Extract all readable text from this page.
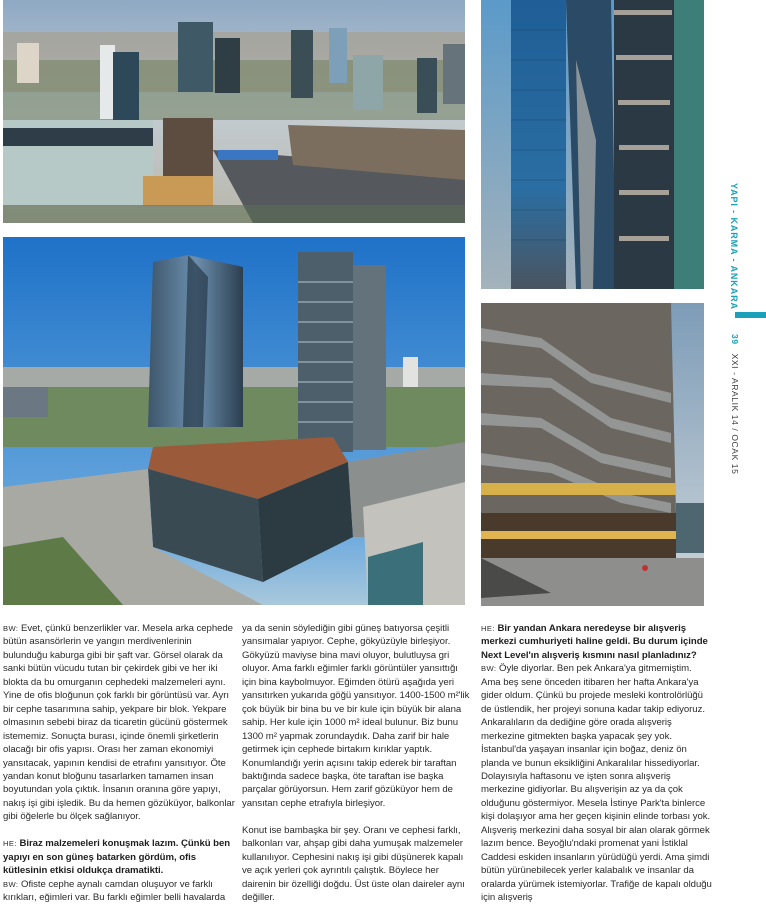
YAPI - KARMA - ANKARA
39 XXI - ARALIK 14 / OCAK 15

BW: Evet, çünkü benzerlikler var. Mesela arka cephede bütün asansörlerin ve yangın merdivenlerinin bulunduğu kaburga gibi bir şaft var. Görsel olarak da sanki bütün vücudu tutan bir çekirdek gibi ve her iki blokta da bu omurganın cephedeki malzemeleri aynı. Yine de ofis bloğunun çok farklı bir görüntüsü var. Ayrı bir cephe tasarımına sahip, yekpare bir blok. Yekpare olmasının sebebi biraz da ticaretin gücünü göstermek istememiz. Sonuçta burası, içinde önemli şirketlerin olacağı bir ofis yapısı. Orası her zaman ekonomiyi yansıtacak, yapının kendisi de etrafını yansıtıyor. Öte yandan konut bloğunu tasarlarken tamamen insan boyutundan yola çıktık. İnsanın oranına göre yapıyı, nakış işi gibi işledik. Bu da hemen gözüküyor, balkonlar gibi öğelerle bu ölçek sağlanıyor.

HE: Biraz malzemeleri konuşmak lazım. Çünkü ben yapıyı en son güneş batarken gördüm, ofis kütlesinin etkisi oldukça dramatikti.

BW: Ofiste cephe aynalı camdan oluşuyor ve farklı kırıkları, eğimleri var. Bu farklı eğimler belli havalarda

ya da senin söylediğin gibi güneş batıyorsa çeşitli yansımalar yapıyor. Cephe, gökyüzüyle birleşiyor. Gökyüzü maviyse bina mavi oluyor, bulutluysa gri oluyor. Ama farklı eğimler farklı görüntüler yansıttığı için bina kaybolmuyor. Eğimden ötürü aşağıda yeri yansıtırken yukarıda göğü yansıtıyor. 1400-1500 m²'lik çok büyük bir bina bu ve bir kule için büyük bir alana sahip. Her kule için 1000 m² ideal bulunur. Biz bunu 1300 m² yapmak zorundaydık. Daha zarif bir hale getirmek için cephede birtakım kırıklar yaptık. Konumlandığı yerin açısını takip ederek bir taraftan baktığında sadece başka, öte taraftan ise başka parçalar görüyorsun. Hem zarif gözüküyor hem de yansıtan cephe etrafıyla birleşiyor.

Konut ise bambaşka bir şey. Oranı ve cephesi farklı, balkonları var, ahşap gibi daha yumuşak malzemeler kullanılıyor. Cephesini nakış işi gibi düşünerek kapalı ve açık yerleri çok ayrıntılı çalıştık. Böylece her dairenin bir özelliği doğdu. Üst üste olan daireler aynı değiller.

HE: Bir yandan Ankara neredeyse bir alışveriş merkezi cumhuriyeti haline geldi. Bu durum içinde Next Level'ın alışveriş kısmını nasıl planladınız?

BW: Öyle diyorlar. Ben pek Ankara'ya gitmemiştim. Ama beş sene önceden itibaren her hafta Ankara'ya gider oldum. Çünkü bu projede mesleki kontrolörlüğü de üstlendik, her projeyi sonuna kadar takip ediyoruz. Ankaralıların da dediğine göre orada alışveriş merkezine gitmekten başka yapacak şey yok. İstanbul'da yaşayan insanlar için boğaz, deniz ön planda ve bunun eksikliğini Ankaralılar hissediyorlar. Dolayısıyla haftasonu ve işten sonra alışveriş merkezine gidiyorlar. Bu alışverişin az ya da çok olduğunu göstermiyor. Mesela İstinye Park'ta binlerce kişi dolaşıyor ama her geçen kişinin elinde torbası yok. Alışveriş merkezini daha sosyal bir alan olarak görmek lazım bence. Beyoğlu'ndaki promenat yani İstiklal Caddesi eskiden insanların yürüdüğü yerdi. Ama şimdi bütün yürünebilecek yerler kalabalık ve insanlar da oralarda yürümek istemiyorlar. Trafiğe de kapalı olduğu için alışveriş
